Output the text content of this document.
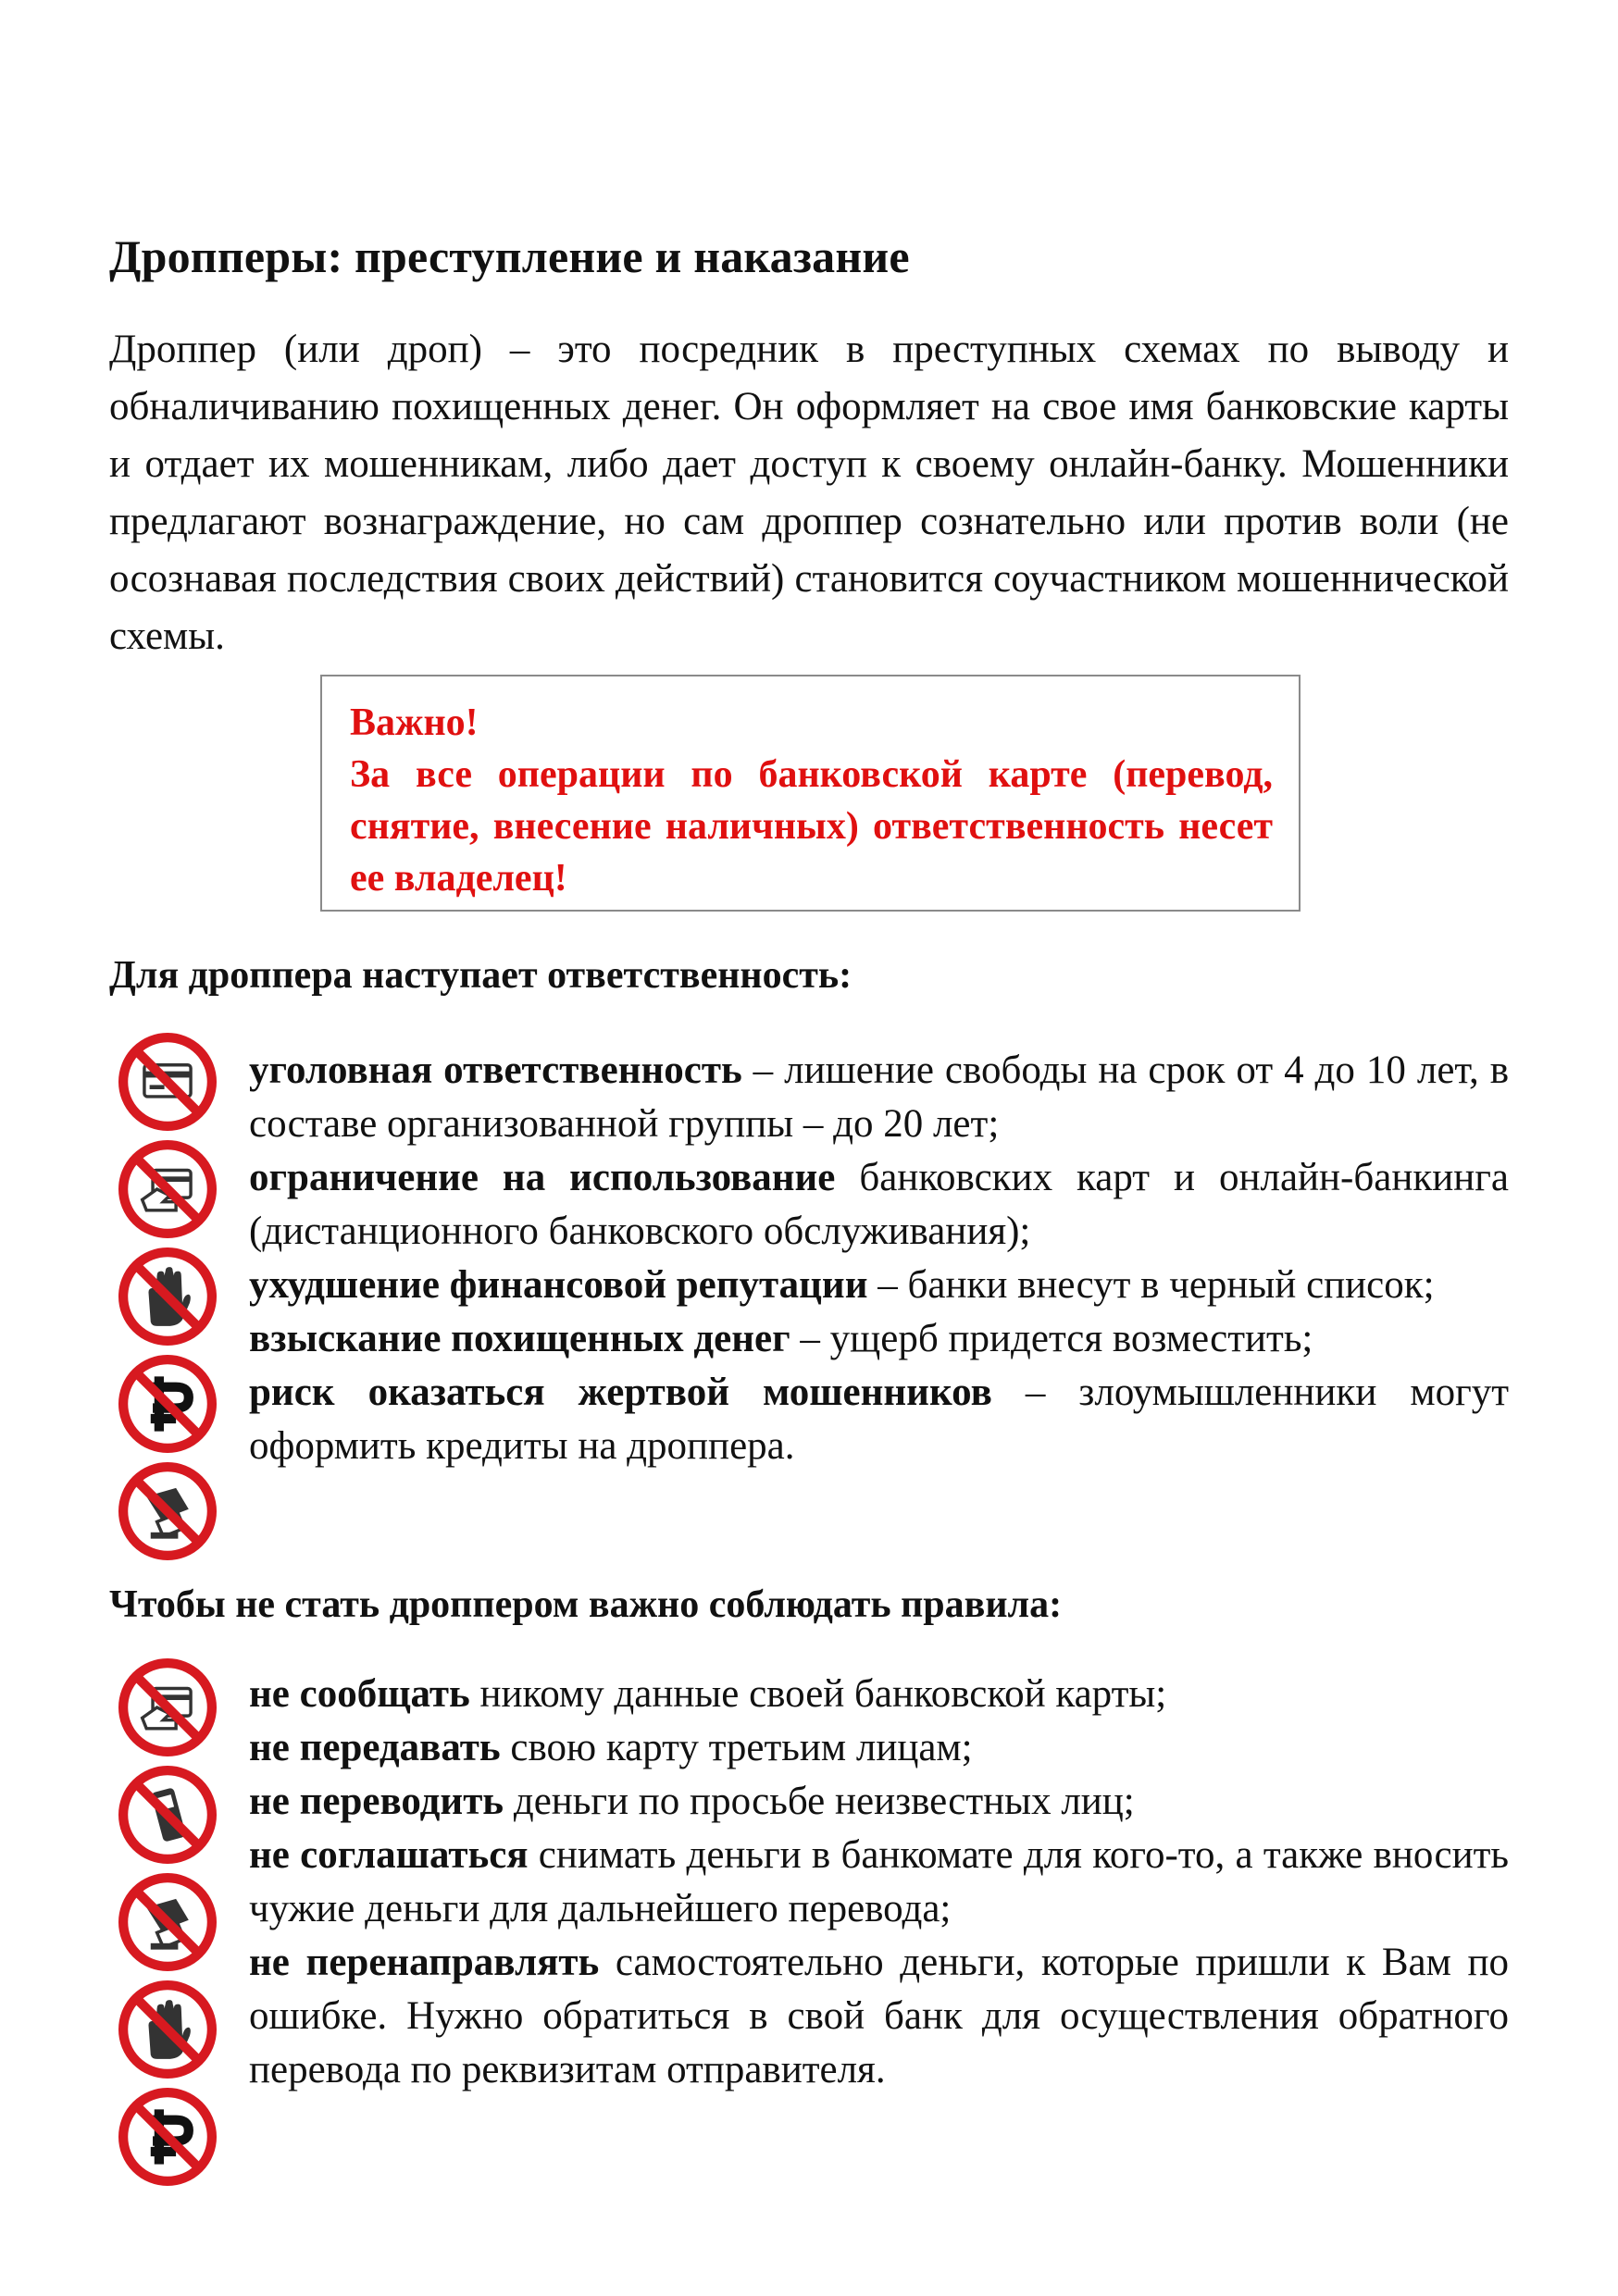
Дропперы: преступление и наказание

Дроппер (или дроп) – это посредник в преступных схемах по выводу и обналичиванию похищенных денег. Он оформляет на свое имя банковские карты и отдает их мошенникам, либо дает доступ к своему онлайн-банку. Мошенники предлагают вознаграждение, но сам дроппер сознательно или против воли (не осознавая последствия своих действий) становится соучастником мошеннической схемы.

Важно!
За все операции по банковской карте (перевод, снятие, внесение наличных) ответственность несет ее владелец!
Для дроппера наступает ответственность:
уголовная ответственность – лишение свободы на срок от 4 до 10 лет, в составе организованной группы – до 20 лет;
ограничение на использование банковских карт и онлайн-банкинга (дистанционного банковского обслуживания);
ухудшение финансовой репутации – банки внесут в черный список;
взыскание похищенных денег – ущерб придется возместить;
риск оказаться жертвой мошенников – злоумышленники могут оформить кредиты на дроппера.
Чтобы не стать дроппером важно соблюдать правила:
не сообщать никому данные своей банковской карты;
не передавать свою карту третьим лицам;
не переводить деньги по просьбе неизвестных лиц;
не соглашаться снимать деньги в банкомате для кого-то, а также вносить чужие деньги для дальнейшего перевода;
не перенаправлять самостоятельно деньги, которые пришли к Вам по ошибке. Нужно обратиться в свой банк для осуществления обратного перевода по реквизитам отправителя.
